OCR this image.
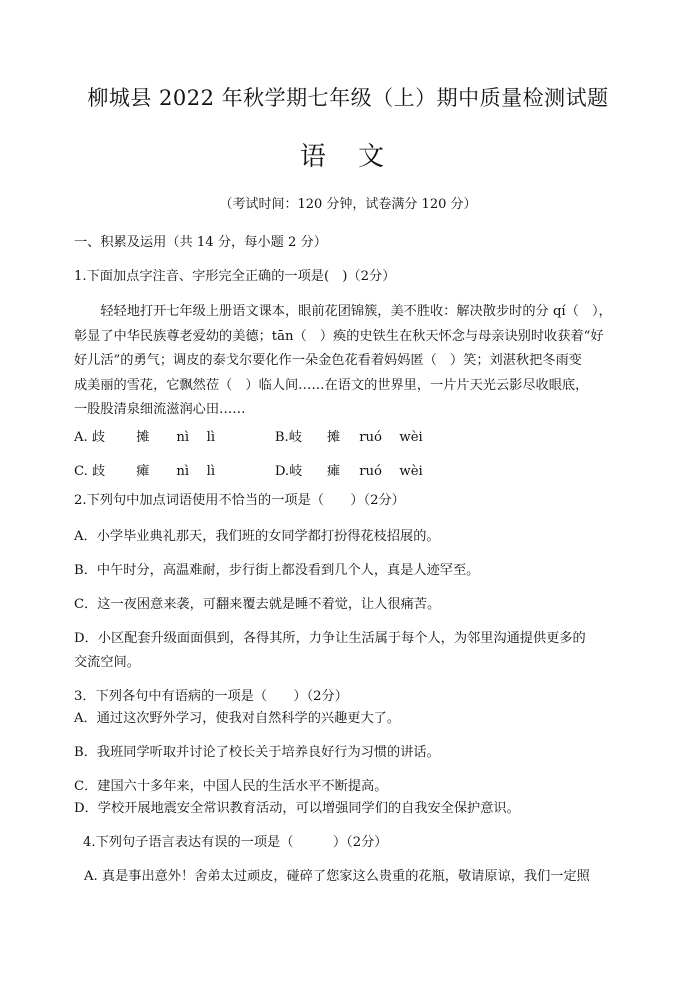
柳城县 2022 年秋学期七年级（上）期中质量检测试题
语 文
（考试时间：120 分钟，试卷满分 120 分）
一、积累及运用（共 14 分，每小题 2 分）
1.下面加点字注音、字形完全正确的一项是(　)（2分）
　　轻轻地打开七年级上册语文课本，眼前花团锦簇，美不胜收：解决散步时的分 qí（　），
彰显了中华民族尊老爱幼的美德；tān（　）痪的史铁生在秋天怀念与母亲诀别时收获着“好
好儿活”的勇气；调皮的泰戈尔要化作一朵金色花看着妈妈匿（　）笑；刘湛秋把冬雨变
成美丽的雪花，它飘然莅（　）临人间……在语文的世界里，一片片天光云影尽收眼底，
一股股清泉细流滋润心田……
A. 歧 摊 nì lì	B.岐 摊 ruó wèi
C. 歧 瘫 nì lì	D.岐 瘫 ruó wèi
2.下列句中加点词语使用不恰当的一项是（　　）（2分）
A．小学毕业典礼那天，我们班的女同学都打扮得花枝招展的。
B．中午时分，高温难耐，步行街上都没看到几个人，真是人迹罕至。
C．这一夜困意来袭，可翻来覆去就是睡不着觉，让人很痛苦。
D．小区配套升级面面俱到，各得其所，力争让生活属于每个人，为邻里沟通提供更多的
交流空间。
3．下列各句中有语病的一项是（　　）（2分）
A．通过这次野外学习，使我对自然科学的兴趣更大了。
B．我班同学听取并讨论了校长关于培养良好行为习惯的讲话。
C．建国六十多年来，中国人民的生活水平不断提高。
D．学校开展地震安全常识教育活动，可以增强同学们的自我安全保护意识。
4.下列句子语言表达有误的一项是（　　　）（2分）
A. 真是事出意外！舍弟太过顽皮，碰碎了您家这么贵重的花瓶，敬请原谅，我们一定照
